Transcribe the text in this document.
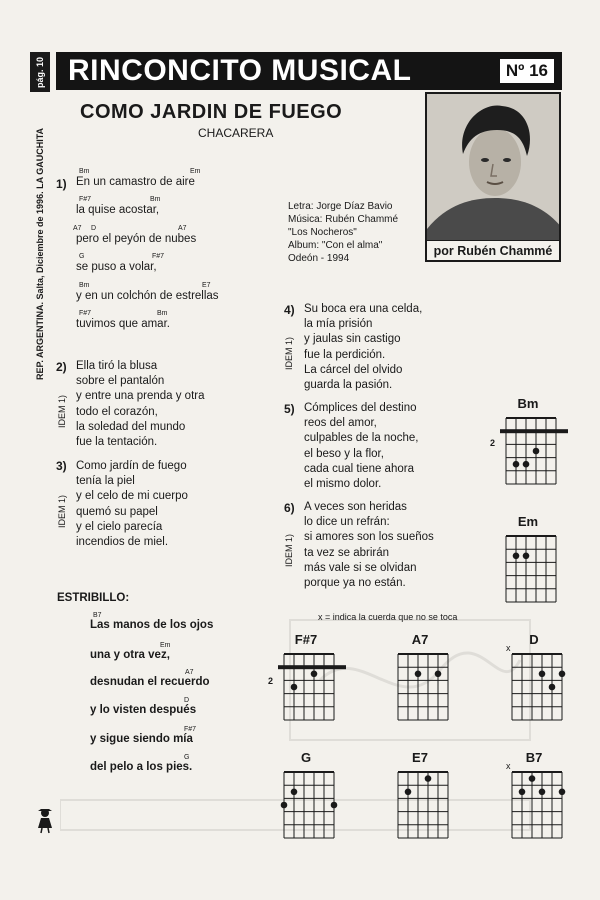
pág. 10
REP. ARGENTINA. Salta, Diciembre de 1996. LA GAUCHITA
RINCONCITO MUSICAL	Nº 16
COMO JARDIN DE FUEGO
CHACARERA
por Rubén Chammé
Letra: Jorge Díaz Bavio
Música: Rubén Chammé
"Los Nocheros"
Album: "Con el alma"
Odeón - 1994
1)
Bm	Em
En un camastro de aire
F#7	Bm
la quise acostar,
A7 D	A7
pero el peyón de nubes
G	F#7
se puso a volar,
Bm	E7
y en un colchón de estrellas
F#7	Bm
tuvimos que amar.
2)
IDEM 1)
Ella tiró la blusa
sobre el pantalón
y entre una prenda y otra
todo el corazón,
la soledad del mundo
fue la tentación.
3)
IDEM 1)
Como jardín de fuego
tenía la piel
y el celo de mi cuerpo
quemó su papel
y el cielo parecía
incendios de miel.
4)
IDEM 1)
Su boca era una celda,
la mía prisión
y jaulas sin castigo
fue la perdición.
La cárcel del olvido
guarda la pasión.
5) Cómplices del destino
reos del amor,
culpables de la noche,
el beso y la flor,
cada cual tiene ahora
el mismo dolor.
6)
IDEM 1)
A veces son heridas
lo dice un refrán:
si amores son los sueños
ta vez se abrirán
más vale si se olvidan
porque ya no están.
ESTRIBILLO:
B7
Las manos de los ojos
Em
una y otra vez,
A7
desnudan el recuerdo
D
y lo visten después
F#7
y sigue siendo mía
G
del pelo a los pies.
x = indica la cuerda que no se toca
Bm
2
Em
F#7
2
A7	D
x
G	E7	B7
x
